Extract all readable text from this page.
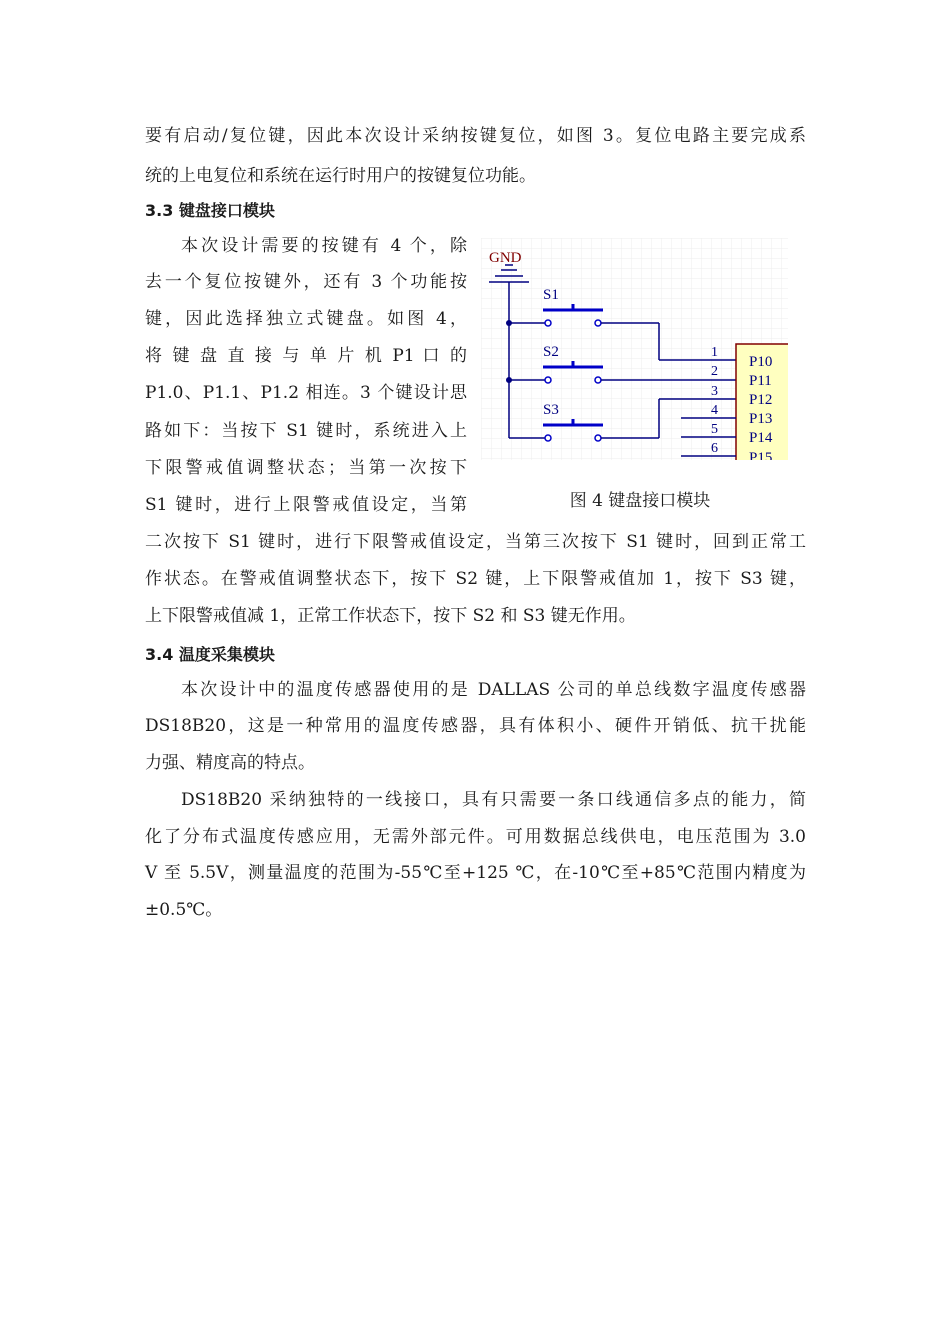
要有启动/复位键，因此本次设计采纳按键复位，如图 3。复位电路主要完成系

统的上电复位和系统在运行时用户的按键复位功能。

3.3 键盘接口模块

本次设计需要的按键有 4 个，除

去一个复位按键外，还有 3 个功能按

键，因此选择独立式键盘。如图 4，

将 键 盘 直 接 与 单 片 机 P1 口 的

P1.0、P1.1、P1.2 相连。3 个键设计思

路如下：当按下 S1 键时，系统进入上

下限警戒值调整状态；当第一次按下

S1 键时，进行上限警戒值设定，当第

二次按下 S1 键时，进行下限警戒值设定，当第三次按下 S1 键时，回到正常工

作状态。在警戒值调整状态下，按下 S2 键，上下限警戒值加 1，按下 S3 键，

上下限警戒值减 1，正常工作状态下，按下 S2 和 S3 键无作用。

GND
S1
S2
S3
1
2
3
4
5
6
P10
P11
P12
P13
P14
P15

图 4 键盘接口模块

3.4 温度采集模块

本次设计中的温度传感器使用的是 DALLAS 公司的单总线数字温度传感器

DS18B20，这是一种常用的温度传感器，具有体积小、硬件开销低、抗干扰能

力强、精度高的特点。

DS18B20 采纳独特的一线接口，具有只需要一条口线通信多点的能力，简

化了分布式温度传感应用，无需外部元件。可用数据总线供电，电压范围为 3.0

V 至 5.5V，测量温度的范围为-55℃至+125 ℃，在-10℃至+85℃范围内精度为

±0.5℃。
